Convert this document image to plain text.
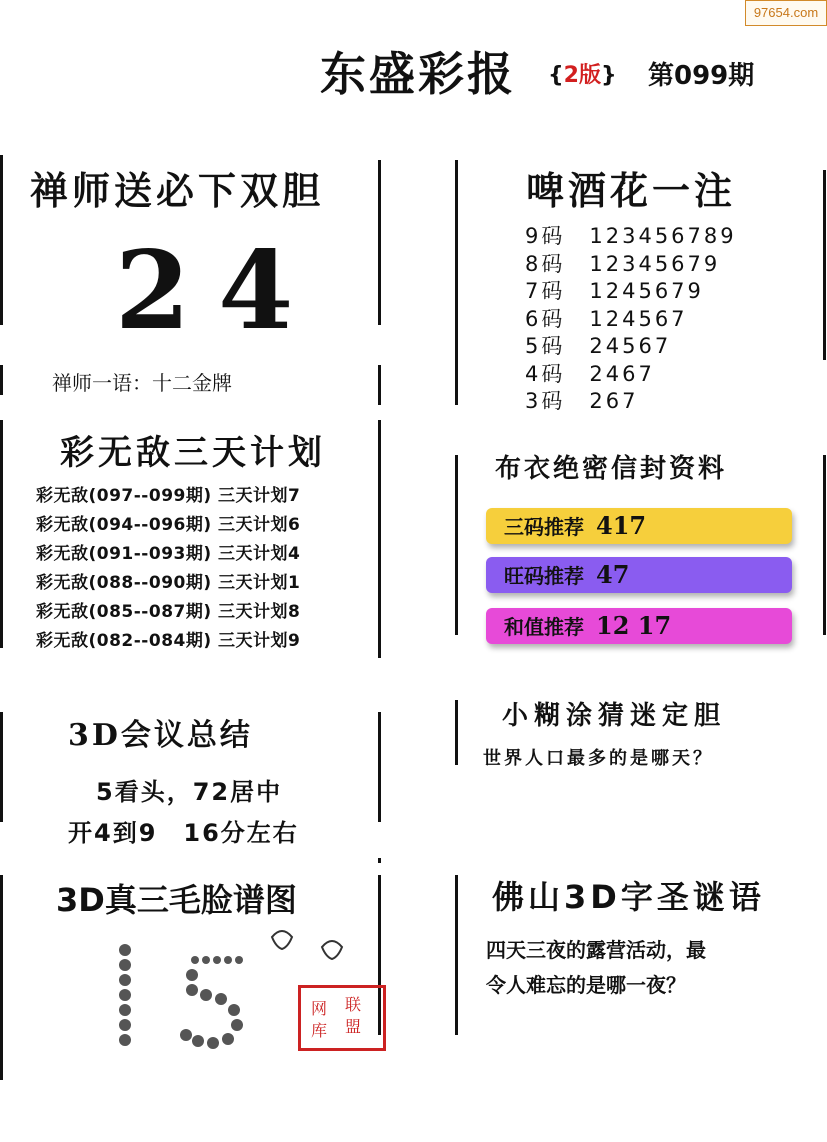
97654.com
东盛彩报 {2版} 第099期
禅师送必下双胆
24
禅师一语：十二金牌
啤酒花一注
9码　 123456789
8码　 12345679
7码　 1245679
6码　 124567
5码　 24567
4码　 2467
3码　 267
彩无敌三天计划
彩无敌(097--099期) 三天计划7
彩无敌(094--096期) 三天计划6
彩无敌(091--093期) 三天计划4
彩无敌(088--090期) 三天计划1
彩无敌(085--087期) 三天计划8
彩无敌(082--084期) 三天计划9
布衣绝密信封资料
三码推荐 417
旺码推荐 47
和值推荐 12 17
3D会议总结
5看头，72居中
开4到9　16分左右
小糊涂猜迷定胆
世界人口最多的是哪天？
3D真三毛脸谱图
联
盟
网
库
佛山3D字圣谜语
四天三夜的露营活动，最
令人难忘的是哪一夜？
